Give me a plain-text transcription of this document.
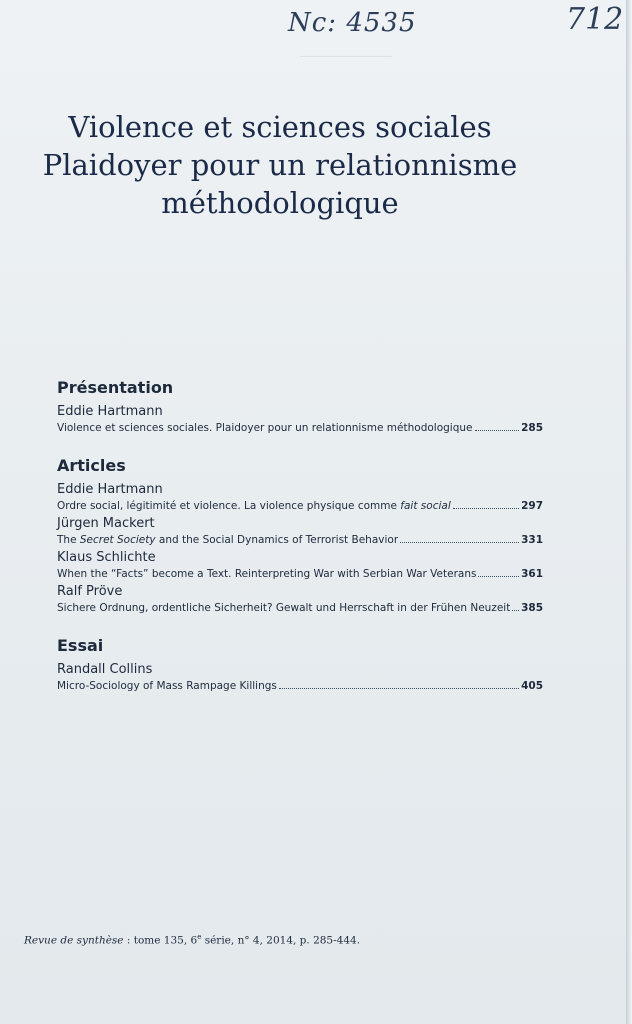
───────────────────
Nc: 4535	712
Violence et sciences sociales
Plaidoyer pour un relationnisme
méthodologique
Présentation
Eddie Hartmann
Violence et sciences sociales. Plaidoyer pour un relationnisme méthodologique	285
Articles
Eddie Hartmann
Ordre social, légitimité et violence. La violence physique comme fait social	297
Jürgen Mackert
The Secret Society and the Social Dynamics of Terrorist Behavior	331
Klaus Schlichte
When the “Facts” become a Text. Reinterpreting War with Serbian War Veterans	361
Ralf Pröve
Sichere Ordnung, ordentliche Sicherheit? Gewalt und Herrschaft in der Frühen Neuzeit 385
Essai
Randall Collins
Micro-Sociology of Mass Rampage Killings	405
Revue de synthèse : tome 135, 6e série, n° 4, 2014, p. 285-444.
